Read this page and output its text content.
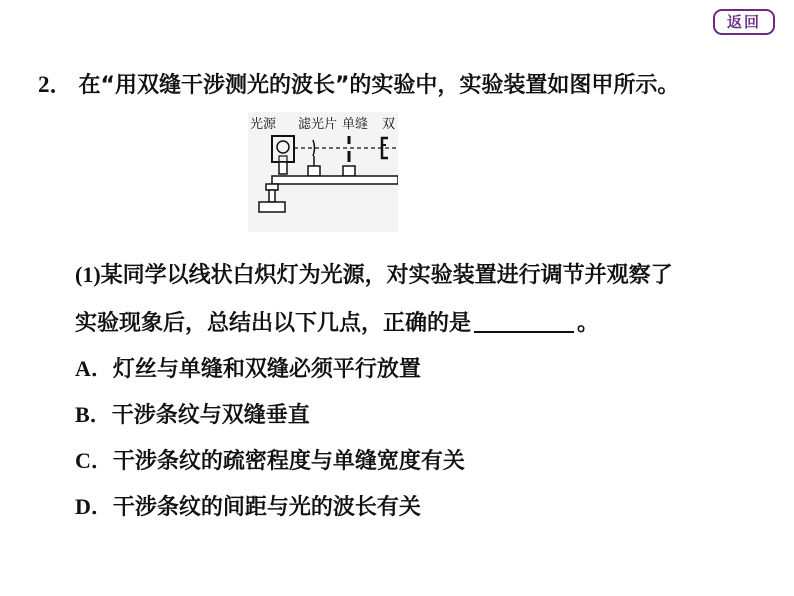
返回
2． 在“用双缝干涉测光的波长”的实验中，实验装置如图甲所示。
光源 滤光片 单缝 双
(1)某同学以线状白炽灯为光源，对实验装置进行调节并观察了
实验现象后，总结出以下几点，正确的是	。
A．灯丝与单缝和双缝必须平行放置
B．干涉条纹与双缝垂直
C．干涉条纹的疏密程度与单缝宽度有关
D．干涉条纹的间距与光的波长有关
